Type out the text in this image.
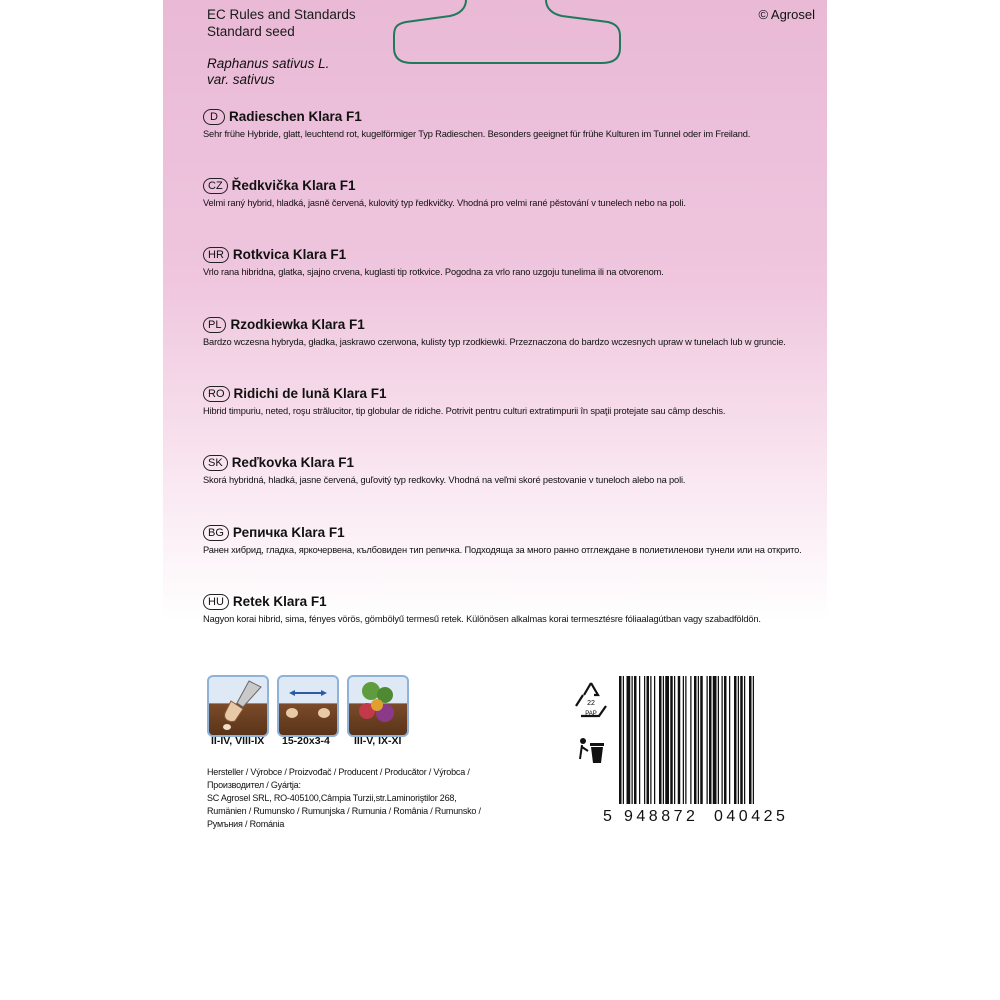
EC Rules and Standards
Standard seed
© Agrosel
Raphanus sativus L.
var. sativus
D Radieschen Klara F1
Sehr frühe Hybride, glatt, leuchtend rot, kugelförmiger Typ Radieschen. Besonders geeignet für frühe Kulturen im Tunnel oder im Freiland.
CZ Ředkvička Klara F1
Velmi raný hybrid, hladká, jasně červená, kulovitý typ ředkvičky. Vhodná pro velmi rané pěstování v tunelech nebo na poli.
HR Rotkvica Klara F1
Vrlo rana hibridna, glatka, sjajno crvena, kuglasti tip rotkvice. Pogodna za vrlo rano uzgoju tunelima ili na otvorenom.
PL Rzodkiewka Klara F1
Bardzo wczesna hybryda, gładka, jaskrawo czerwona, kulisty typ rzodkiewki. Przeznaczona do bardzo wczesnych upraw w tunelach lub w gruncie.
RO Ridichi de lună Klara F1
Hibrid timpuriu, neted, roşu strălucitor, tip globular de ridiche. Potrivit pentru culturi extratimpurii în spaţii protejate sau câmp deschis.
SK Reďkovka Klara F1
Skorá hybridná, hladká, jasne červená, guľovitý typ redkovky. Vhodná na veľmi skoré pestovanie v tuneloch alebo na poli.
BG Репичка Klara F1
Ранен хибрид, гладка, яркочервена, кълбовиден тип репичка. Подходяща за много ранно отглеждане в полиетиленови тунели или на открито.
HU Retek Klara F1
Nagyon korai hibrid, sima, fényes vörös, gömbölyű termesű retek. Különösen alkalmas korai termesztésre fóliaalagútban vagy szabadföldön.
II-IV, VIII-IX 15-20x3-4 III-V, IX-XI
Hersteller / Výrobce / Proizvođač / Producent / Producător / Výrobca / Производител / Gyártja:
SC Agrosel SRL, RO-405100,Câmpia Turzii,str.Laminoriştilor 268,
Rumänien / Rumunsko / Rumunjska / Rumunia / România / Rumunsko / Румъния / Románia
22
PAP
5 948872 040425
